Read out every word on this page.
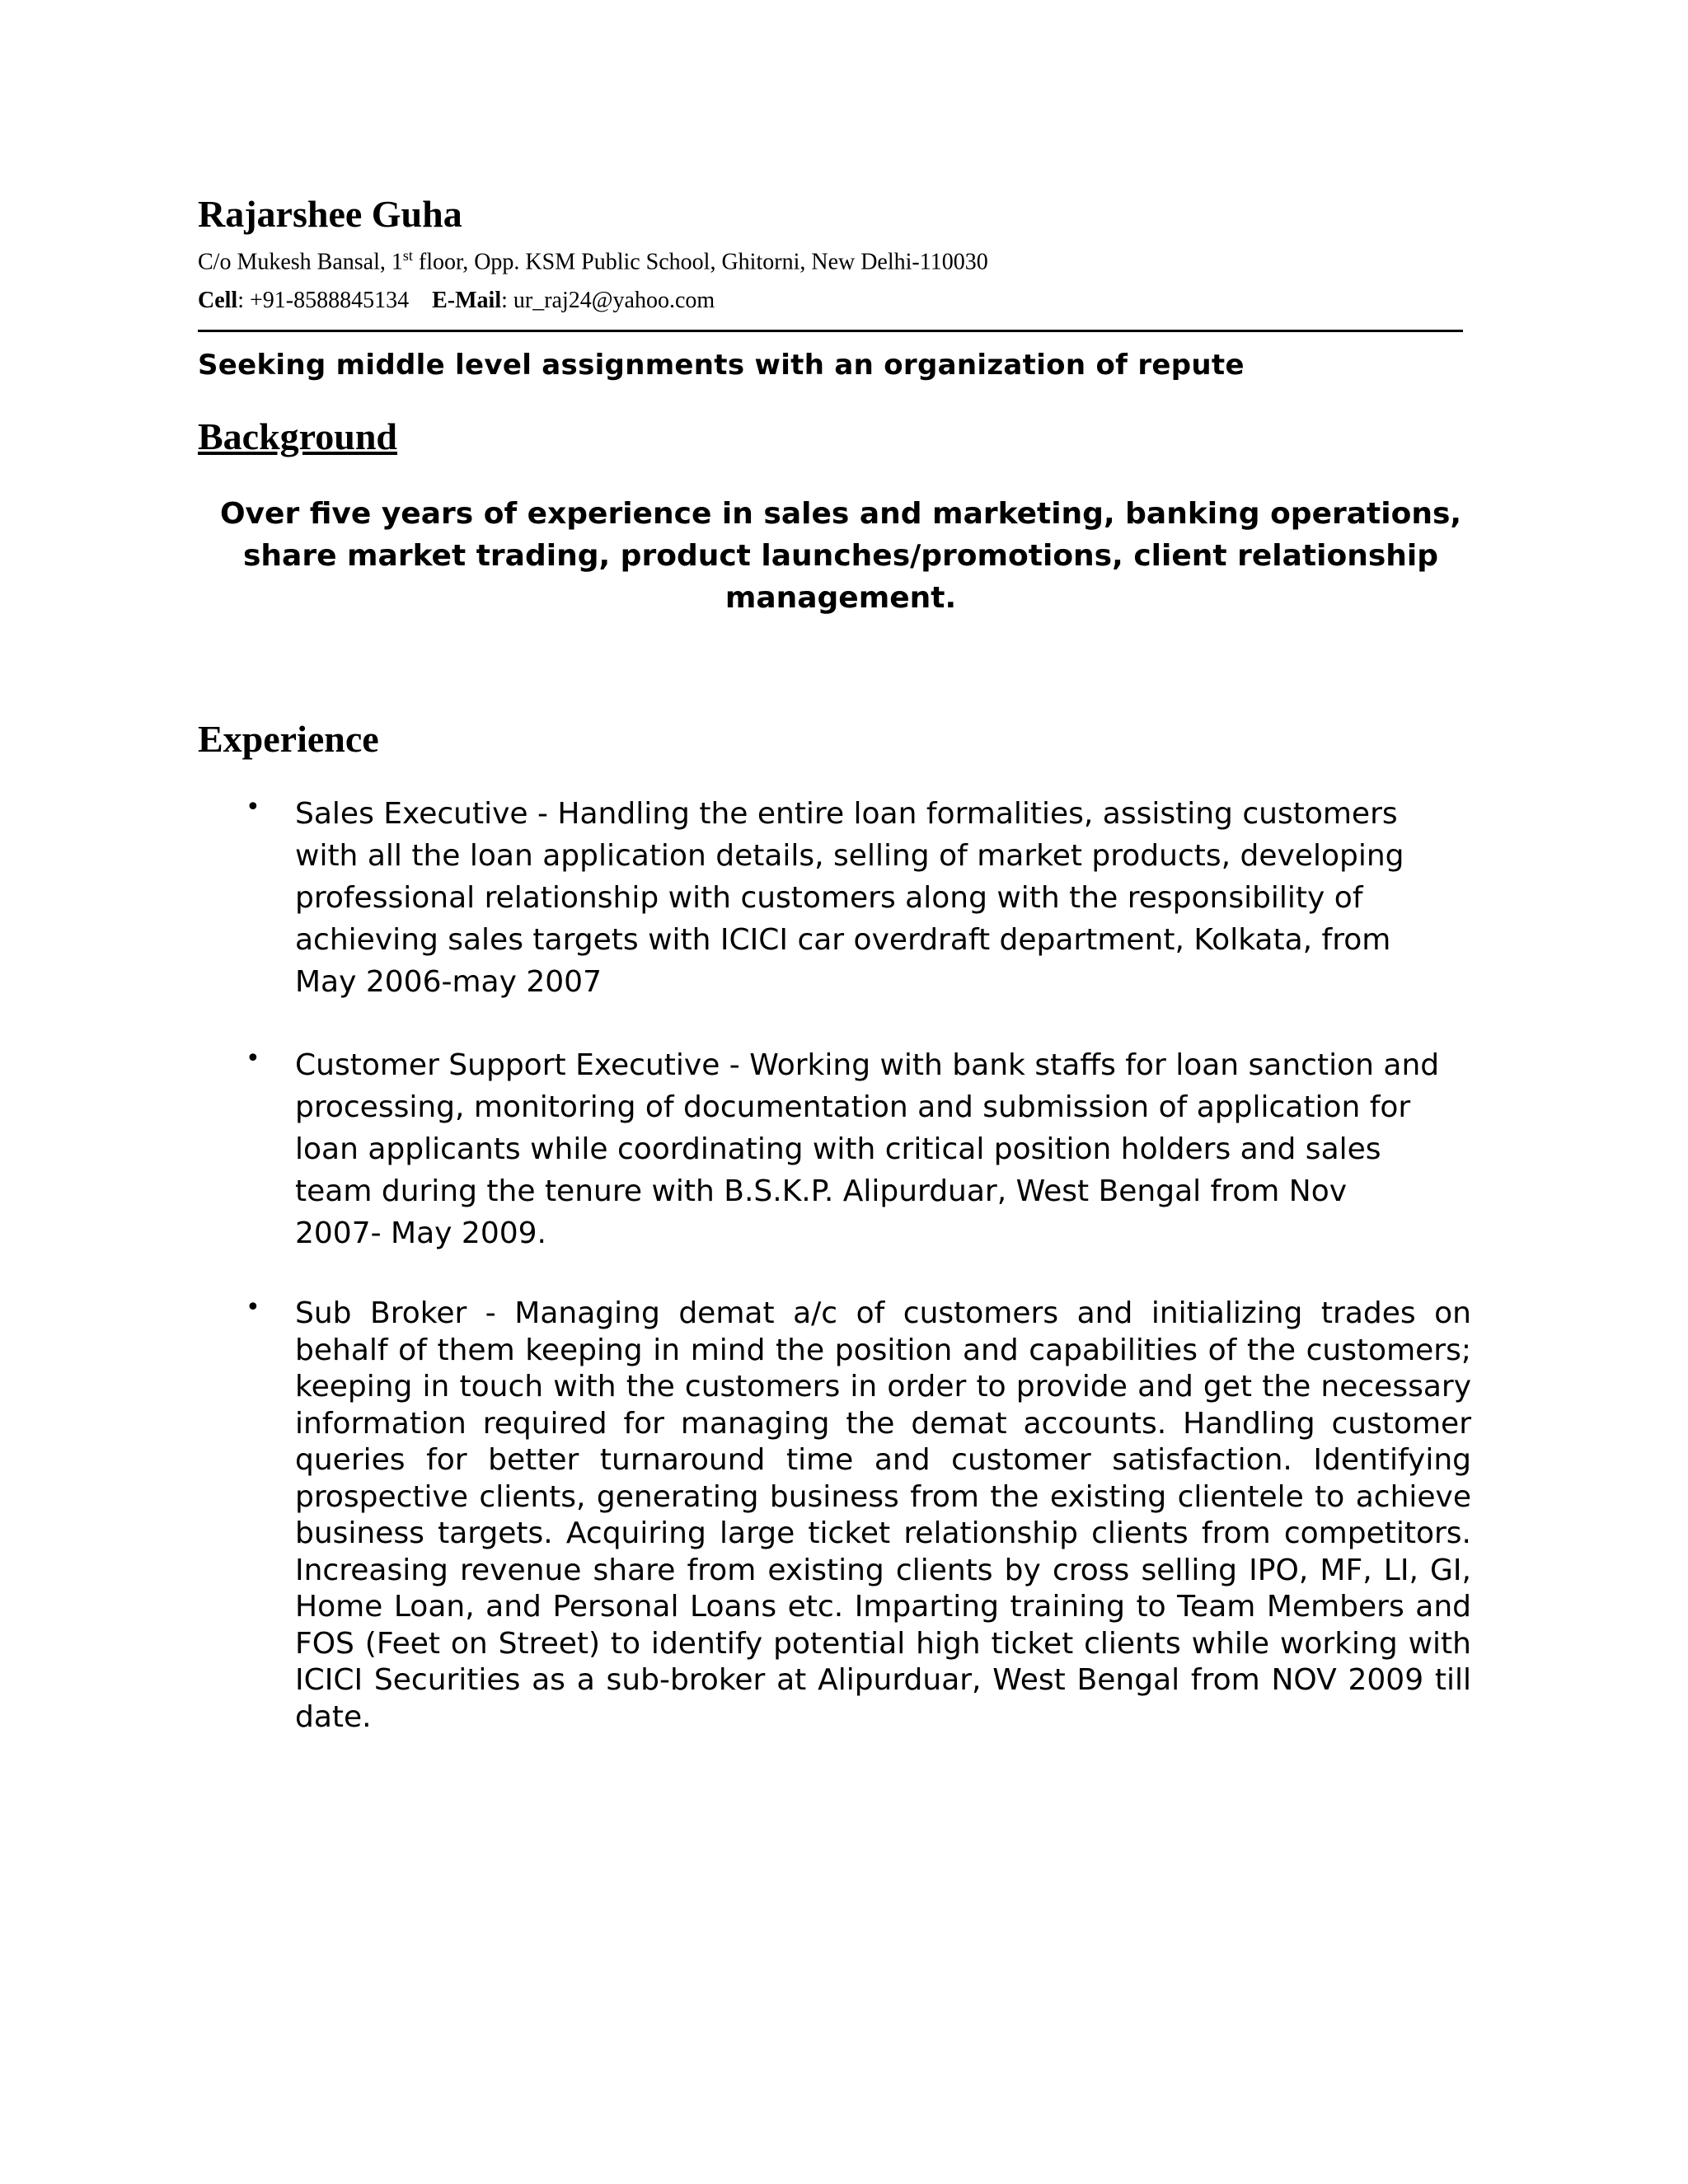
Rajarshee Guha
C/o Mukesh Bansal, 1st floor, Opp. KSM Public School, Ghitorni, New Delhi-110030
Cell: +91-8588845134 E-Mail: ur_raj24@yahoo.com
Seeking middle level assignments with an organization of repute
Background
Over five years of experience in sales and marketing, banking operations, share market trading, product launches/promotions, client relationship management.
Experience
• Sales Executive - Handling the entire loan formalities, assisting customers
with all the loan application details, selling of market products, developing
professional relationship with customers along with the responsibility of
achieving sales targets with ICICI car overdraft department, Kolkata, from
May 2006-may 2007
• Customer Support Executive - Working with bank staffs for loan sanction and
processing, monitoring of documentation and submission of application for
loan applicants while coordinating with critical position holders and sales
team during the tenure with B.S.K.P. Alipurduar, West Bengal from Nov
2007- May 2009.
• Sub Broker - Managing demat a/c of customers and initializing trades on behalf of them keeping in mind the position and capabilities of the customers; keeping in touch with the customers in order to provide and get the necessary information required for managing the demat accounts. Handling customer queries for better turnaround time and customer satisfaction. Identifying prospective clients, generating business from the existing clientele to achieve business targets. Acquiring large ticket relationship clients from competitors. Increasing revenue share from existing clients by cross selling IPO, MF, LI, GI, Home Loan, and Personal Loans etc. Imparting training to Team Members and FOS (Feet on Street) to identify potential high ticket clients while working with ICICI Securities as a sub-broker at Alipurduar, West Bengal from NOV 2009 till date.
